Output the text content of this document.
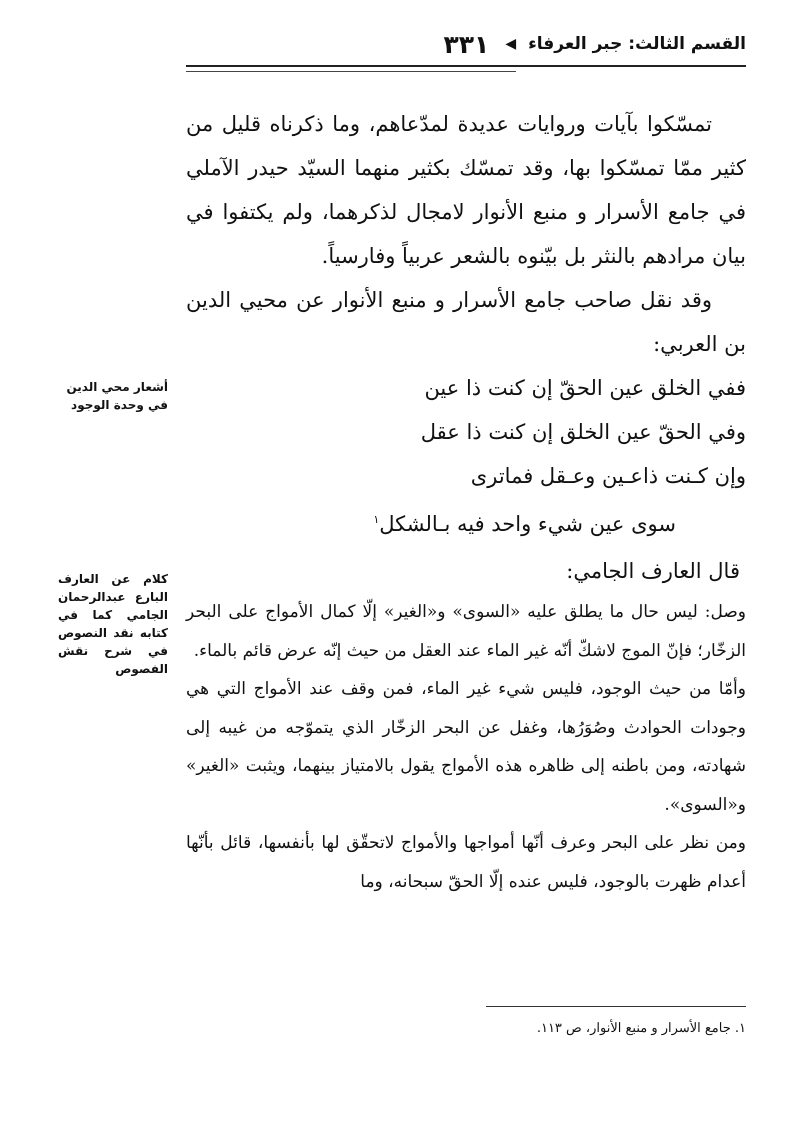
القسم الثالث: جبر العرفاء
◀
٣٣١

تمسّكوا بآيات وروايات عديدة لمدّعاهم، وما ذكرناه قليل من كثير ممّا تمسّكوا بها، وقد تمسّك بكثير منهما السيّد حيدر الآملي في جامع الأسرار و منبع الأنوار لامجال لذكرهما، ولم يكتفوا في بيان مرادهم بالنثر بل بيّنوه بالشعر عربياً وفارسياً.

وقد نقل صاحب جامع الأسرار و منبع الأنوار عن محيي الدين بن العربي:

ففي الخلق عين الحقّ إن كنت ذا عين

وفي الحقّ عين الخلق إن كنت ذا عقل

وإن كـنت ذاعـين وعـقل فماترى

سوى عين شيء واحد فيه بـالشكل$^١$

قال العارف الجامي:

وصل: ليس حال ما يطلق عليه «السوى» و«الغير» إلّا كمال الأمواج على البحر الزخّار؛ فإنّ الموج لاشكّ أنّه غير الماء عند العقل من حيث إنّه عرض قائم بالماء.

وأمّا من حيث الوجود، فليس شيء غير الماء، فمن وقف عند الأمواج التي هي وجودات الحوادث وصُوَرُها، وغفل عن البحر الزخّار الذي يتموّجه من غيبه إلى شهادته، ومن باطنه إلى ظاهره هذه الأمواج يقول بالامتياز بينهما، ويثبت «الغير» و«السوى».

ومن نظر على البحر وعرف أنّها أمواجها والأمواج لاتحقّق لها بأنفسها، قائل بأنّها أعدام ظهرت بالوجود، فليس عنده إلّا الحقّ سبحانه، وما

أشعار محي الدين في وحدة الوجود
كلام عن العارف البارع عبدالرحمان الجامي كما في كتابه نقد النصوص في شرح نقش الفصوص
١. جامع الأسرار و منبع الأنوار، ص ١١٣.
